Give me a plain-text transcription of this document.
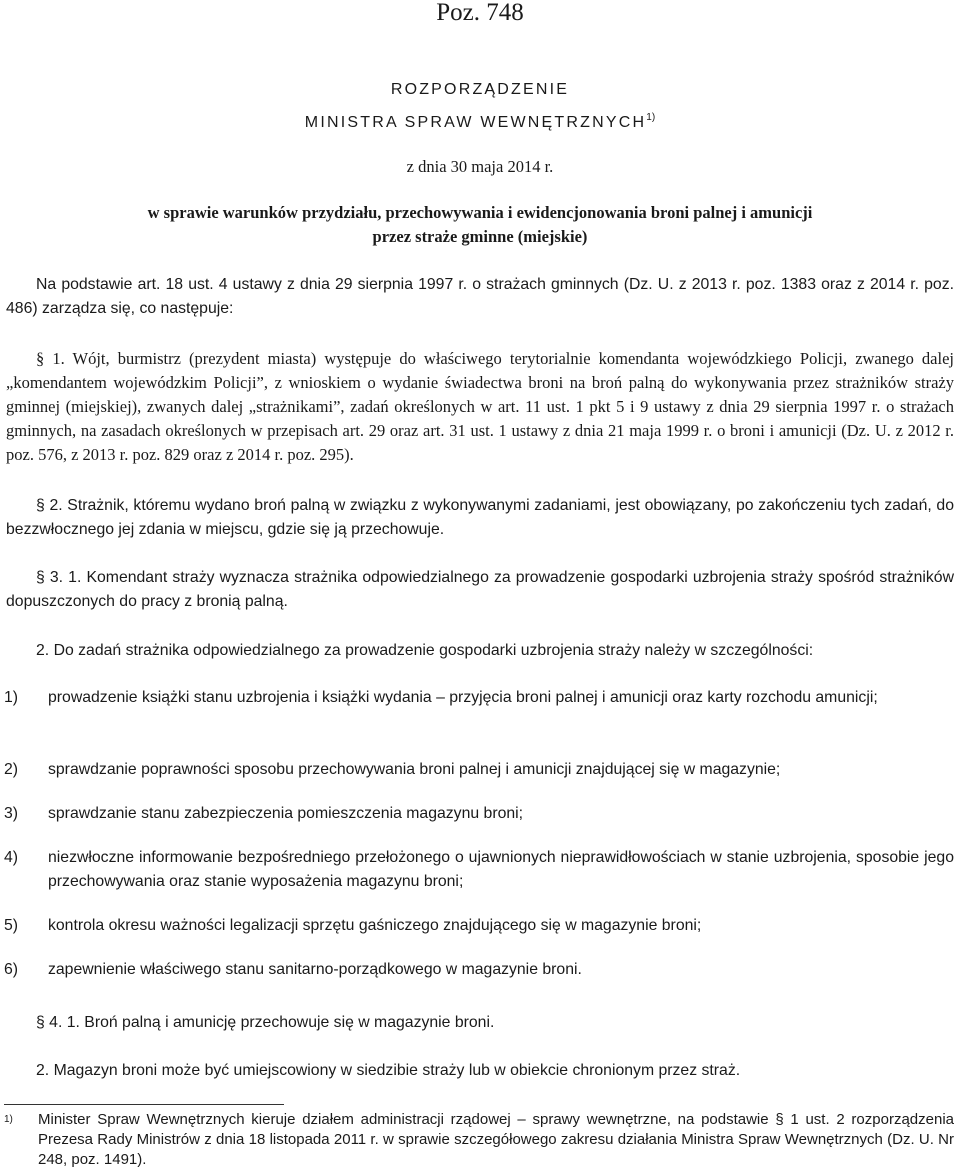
Poz. 748
ROZPORZĄDZENIE
MINISTRA SPRAW WEWNĘTRZNYCH$^{1)}$
z dnia 30 maja 2014 r.
w sprawie warunków przydziału, przechowywania i ewidencjonowania broni palnej i amunicji
przez straże gminne (miejskie)
Na podstawie art. 18 ust. 4 ustawy z dnia 29 sierpnia 1997 r. o strażach gminnych (Dz. U. z 2013 r. poz. 1383 oraz z 2014 r. poz. 486) zarządza się, co następuje:
§ 1. Wójt, burmistrz (prezydent miasta) występuje do właściwego terytorialnie komendanta wojewódzkiego Policji, zwanego dalej „komendantem wojewódzkim Policji”, z wnioskiem o wydanie świadectwa broni na broń palną do wykonywania przez strażników straży gminnej (miejskiej), zwanych dalej „strażnikami”, zadań określonych w art. 11 ust. 1 pkt 5 i 9 ustawy z dnia 29 sierpnia 1997 r. o strażach gminnych, na zasadach określonych w przepisach art. 29 oraz art. 31 ust. 1 ustawy z dnia 21 maja 1999 r. o broni i amunicji (Dz. U. z 2012 r. poz. 576, z 2013 r. poz. 829 oraz z 2014 r. poz. 295).
§ 2. Strażnik, któremu wydano broń palną w związku z wykonywanymi zadaniami, jest obowiązany, po zakończeniu tych zadań, do bezzwłocznego jej zdania w miejscu, gdzie się ją przechowuje.
§ 3. 1. Komendant straży wyznacza strażnika odpowiedzialnego za prowadzenie gospodarki uzbrojenia straży spośród strażników dopuszczonych do pracy z bronią palną.
2. Do zadań strażnika odpowiedzialnego za prowadzenie gospodarki uzbrojenia straży należy w szczególności:
1) prowadzenie książki stanu uzbrojenia i książki wydania – przyjęcia broni palnej i amunicji oraz karty rozchodu amunicji;
2) sprawdzanie poprawności sposobu przechowywania broni palnej i amunicji znajdującej się w magazynie;
3) sprawdzanie stanu zabezpieczenia pomieszczenia magazynu broni;
4) niezwłoczne informowanie bezpośredniego przełożonego o ujawnionych nieprawidłowościach w stanie uzbrojenia, sposobie jego przechowywania oraz stanie wyposażenia magazynu broni;
5) kontrola okresu ważności legalizacji sprzętu gaśniczego znajdującego się w magazynie broni;
6) zapewnienie właściwego stanu sanitarno-porządkowego w magazynie broni.
§ 4. 1. Broń palną i amunicję przechowuje się w magazynie broni.
2. Magazyn broni może być umiejscowiony w siedzibie straży lub w obiekcie chronionym przez straż.
1) Minister Spraw Wewnętrznych kieruje działem administracji rządowej – sprawy wewnętrzne, na podstawie § 1 ust. 2 rozporządzenia Prezesa Rady Ministrów z dnia 18 listopada 2011 r. w sprawie szczegółowego zakresu działania Ministra Spraw Wewnętrznych (Dz. U. Nr 248, poz. 1491).
